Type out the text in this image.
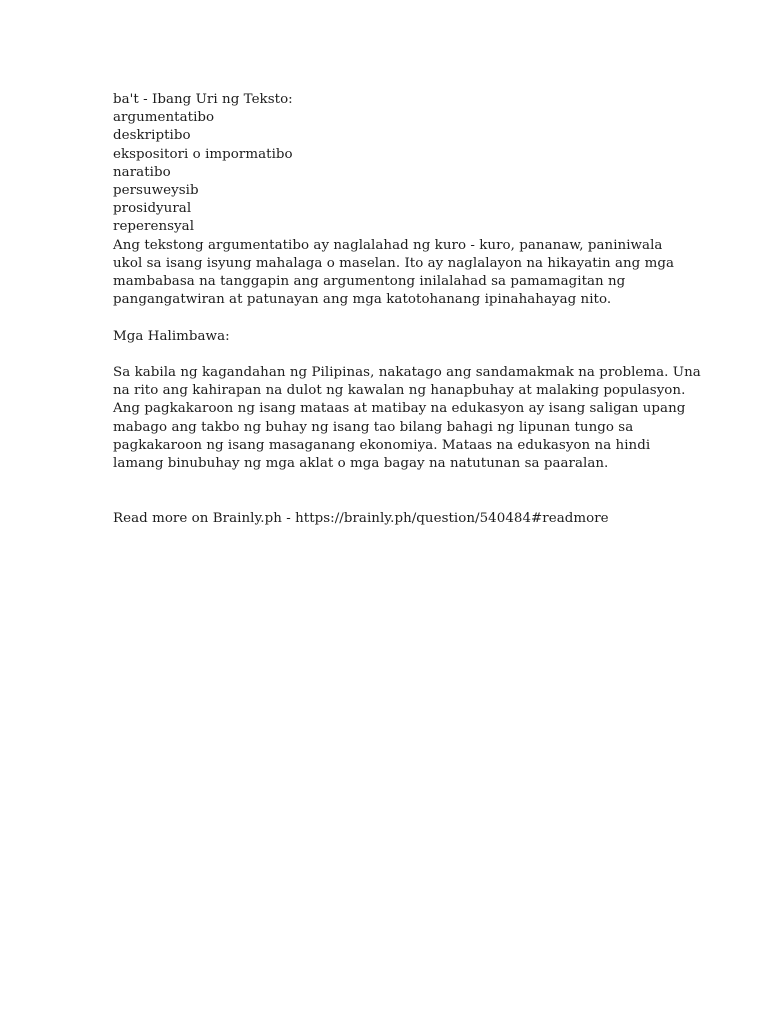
ba't - Ibang Uri ng Teksto:
argumentatibo
deskriptibo
ekspositori o impormatibo
naratibo
persuweysib
prosidyural
reperensyal

Ang tekstong argumentatibo ay naglalahad ng kuro - kuro, pananaw, paniniwala
ukol sa isang isyung mahalaga o maselan. Ito ay naglalayon na hikayatin ang mga
mambabasa na tanggapin ang argumentong inilalahad sa pamamagitan ng
pangangatwiran at patunayan ang mga katotohanang ipinahahayag nito.

Mga Halimbawa:

Sa kabila ng kagandahan ng Pilipinas, nakatago ang sandamakmak na problema. Una
na rito ang kahirapan na dulot ng kawalan ng hanapbuhay at malaking populasyon.
Ang pagkakaroon ng isang mataas at matibay na edukasyon ay isang saligan upang
mabago ang takbo ng buhay ng isang tao bilang bahagi ng lipunan tungo sa
pagkakaroon ng isang masaganang ekonomiya. Mataas na edukasyon na hindi
lamang binubuhay ng mga aklat o mga bagay na natutunan sa paaralan.

Read more on Brainly.ph - https://brainly.ph/question/540484#readmore
